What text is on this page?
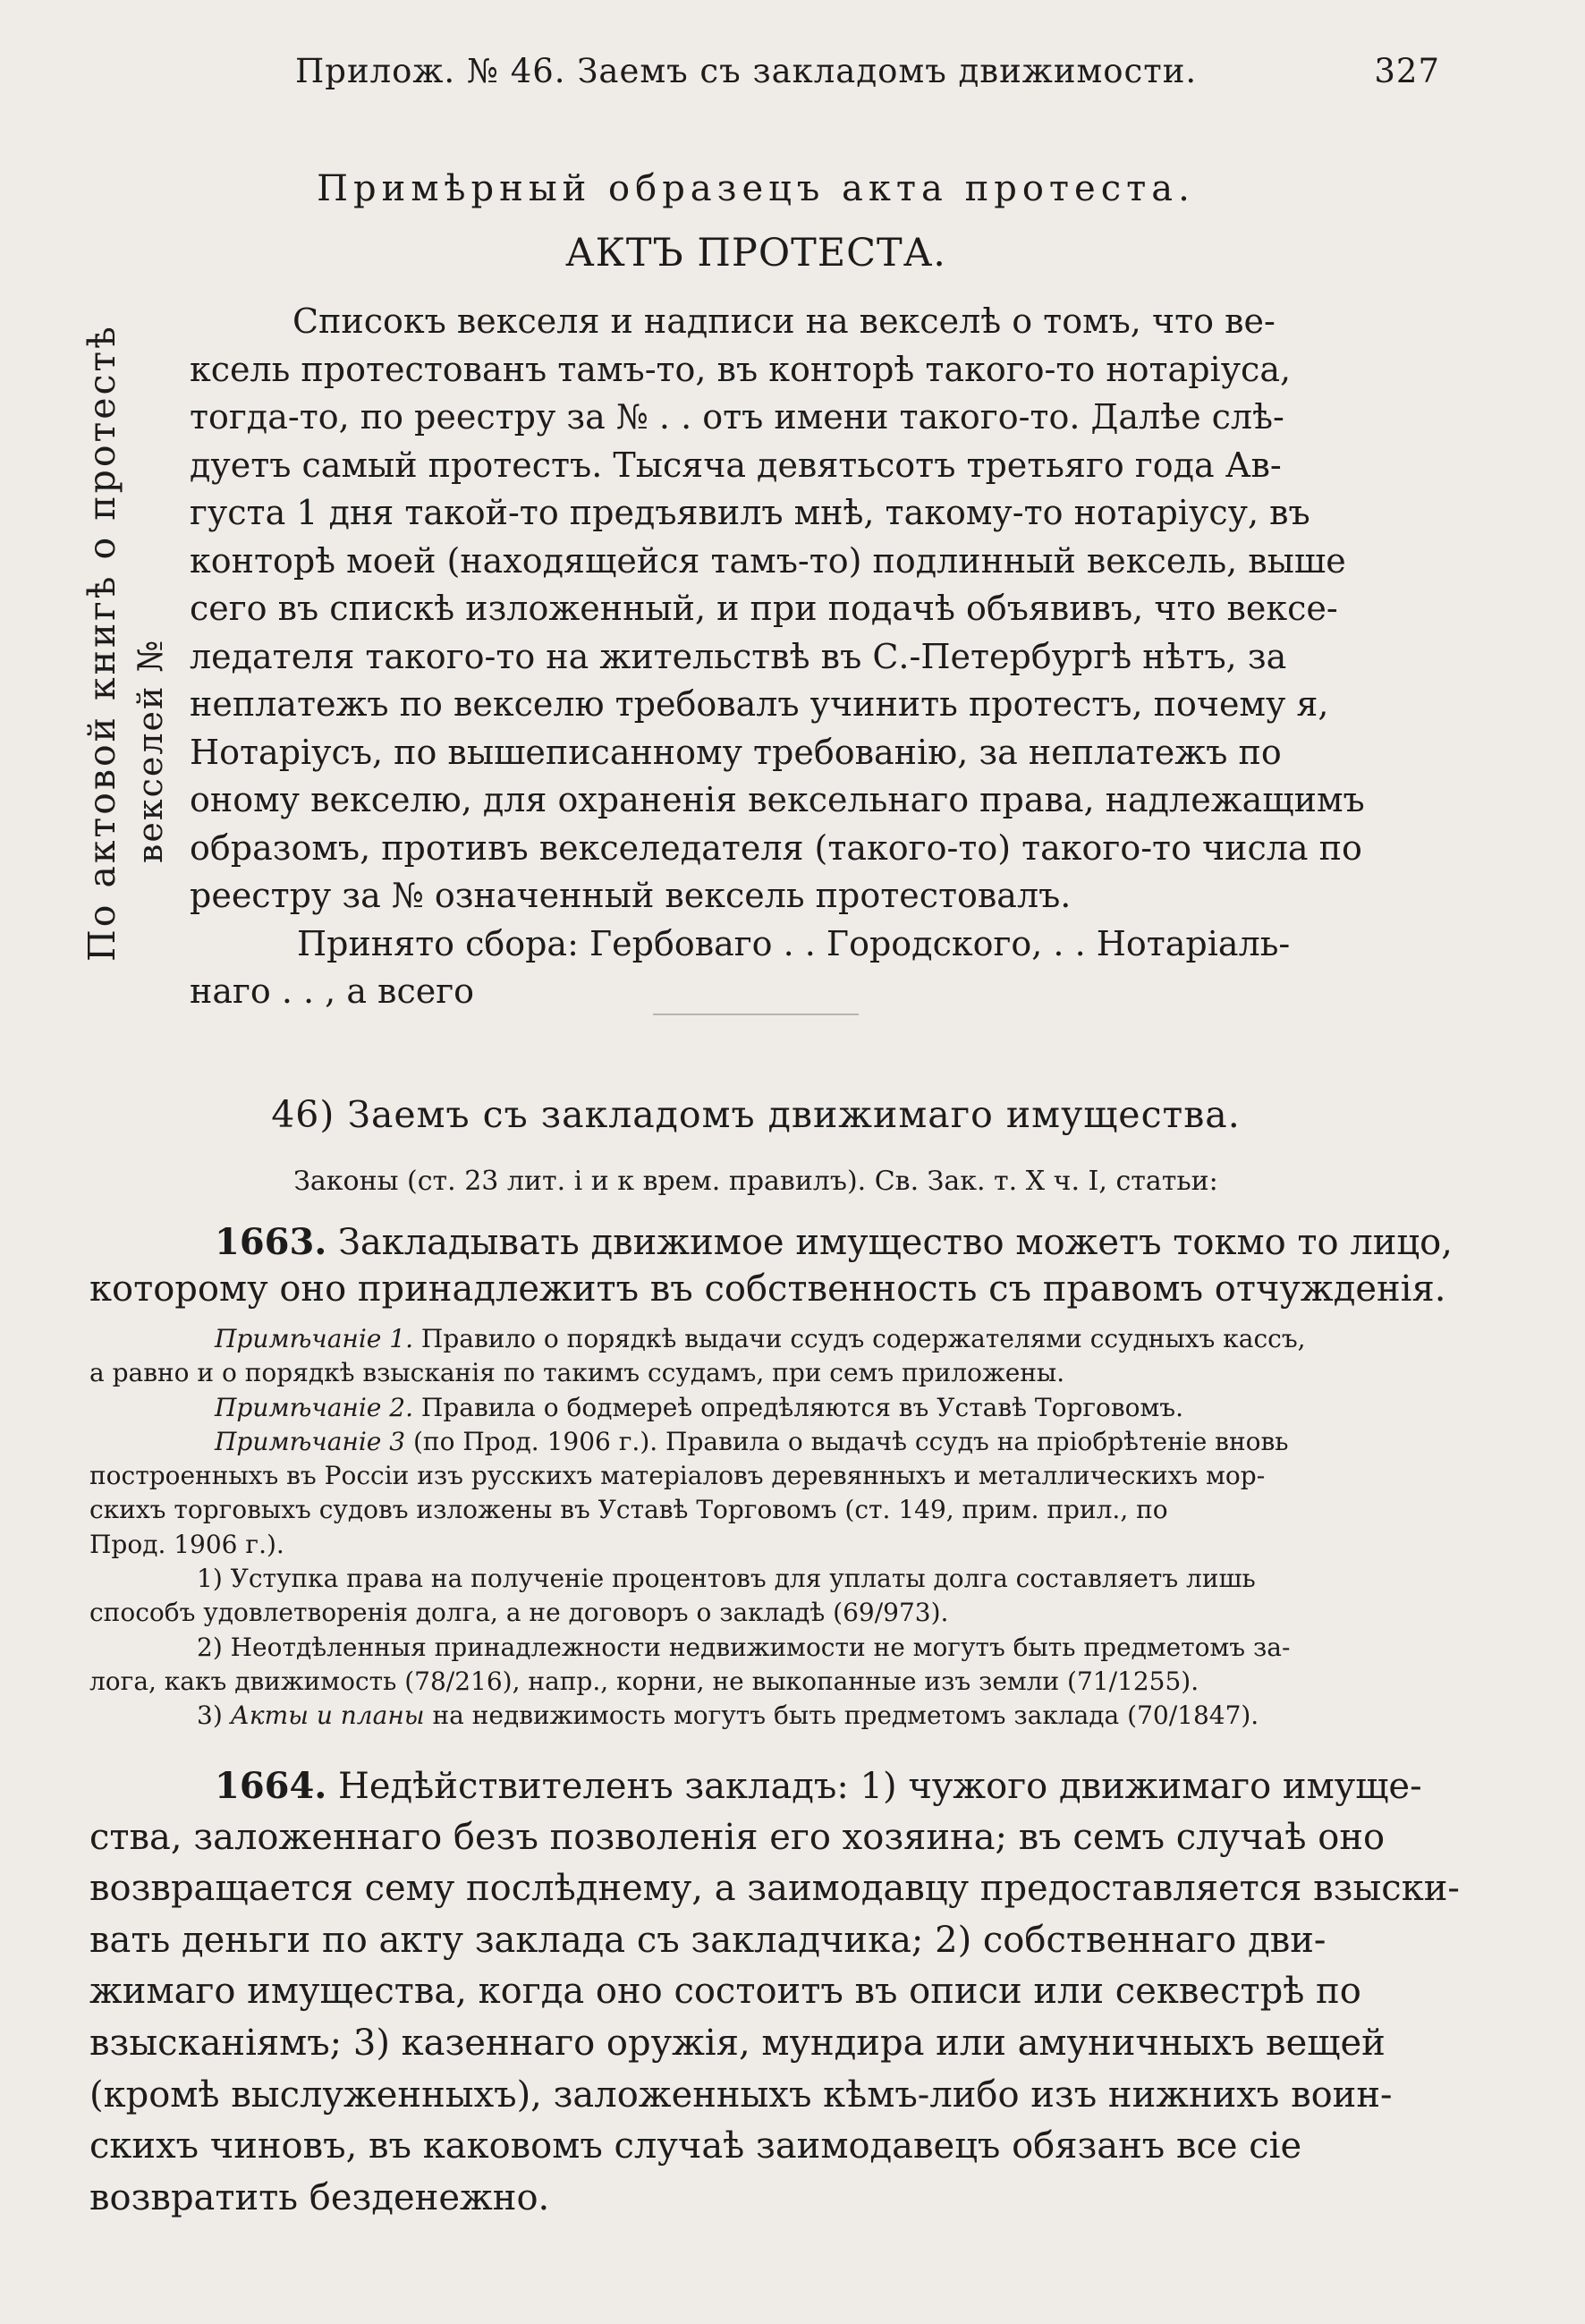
Прилож. № 46. Заемъ съ закладомъ движимости.	327
Примѣрный образецъ акта протеста.
АКТЪ ПРОТЕСТА.
По актовой книгѣ о протестѣ векселей №
Списокъ векселя и надписи на векселѣ о томъ, что ве-
ксель протестованъ тамъ-то, въ конторѣ такого-то нотаріуса,
тогда-то, по реестру за № . . отъ имени такого-то. Далѣе слѣ-
дуетъ самый протестъ. Тысяча девятьсотъ третьяго года Ав-
густа 1 дня такой-то предъявилъ мнѣ, такому-то нотаріусу, въ
конторѣ моей (находящейся тамъ-то) подлинный вексель, выше
сего въ спискѣ изложенный, и при подачѣ объявивъ, что вексе-
ледателя такого-то на жительствѣ въ С.-Петербургѣ нѣтъ, за
неплатежъ по векселю требовалъ учинить протестъ, почему я,
Нотаріусъ, по вышеписанному требованію, за неплатежъ по
оному векселю, для охраненія вексельнаго права, надлежащимъ
образомъ, противъ векселедателя (такого-то) такого-то числа по
реестру за № означенный вексель протестовалъ.
Принято сбора: Гербоваго . . Городского, . . Нотаріаль-
наго . . , а всего
46) Заемъ съ закладомъ движимаго имущества.
Законы (ст. 23 лит. і и к врем. правилъ). Св. Зак. т. X ч. I, статьи:
1663. Закладывать движимое имущество можетъ токмо то лицо,
которому оно принадлежитъ въ собственность съ правомъ отчужденія.
Примѣчаніе 1. Правило о порядкѣ выдачи ссудъ содержателями ссудныхъ кассъ,
а равно и о порядкѣ взысканія по такимъ ссудамъ, при семъ приложены.
Примѣчаніе 2. Правила о бодмереѣ опредѣляются въ Уставѣ Торговомъ.
Примѣчаніе 3 (по Прод. 1906 г.). Правила о выдачѣ ссудъ на пріобрѣтеніе вновь
построенныхъ въ Россіи изъ русскихъ матеріаловъ деревянныхъ и металлическихъ мор-
скихъ торговыхъ судовъ изложены въ Уставѣ Торговомъ (ст. 149, прим. прил., по
Прод. 1906 г.).
1) Уступка права на полученіе процентовъ для уплаты долга составляетъ лишь
способъ удовлетворенія долга, а не договоръ о закладѣ (69/973).
2) Неотдѣленныя принадлежности недвижимости не могутъ быть предметомъ за-
лога, какъ движимость (78/216), напр., корни, не выкопанные изъ земли (71/1255).
3) Акты и планы на недвижимость могутъ быть предметомъ заклада (70/1847).
1664. Недѣйствителенъ закладъ: 1) чужого движимаго имуще-
ства, заложеннаго безъ позволенія его хозяина; въ семъ случаѣ оно
возвращается сему послѣднему, а заимодавцу предоставляется взыски-
вать деньги по акту заклада съ закладчика; 2) собственнаго дви-
жимаго имущества, когда оно состоитъ въ описи или секвестрѣ по
взысканіямъ; 3) казеннаго оружія, мундира или амуничныхъ вещей
(кромѣ выслуженныхъ), заложенныхъ кѣмъ-либо изъ нижнихъ воин-
скихъ чиновъ, въ каковомъ случаѣ заимодавецъ обязанъ все сіе
возвратить безденежно.
